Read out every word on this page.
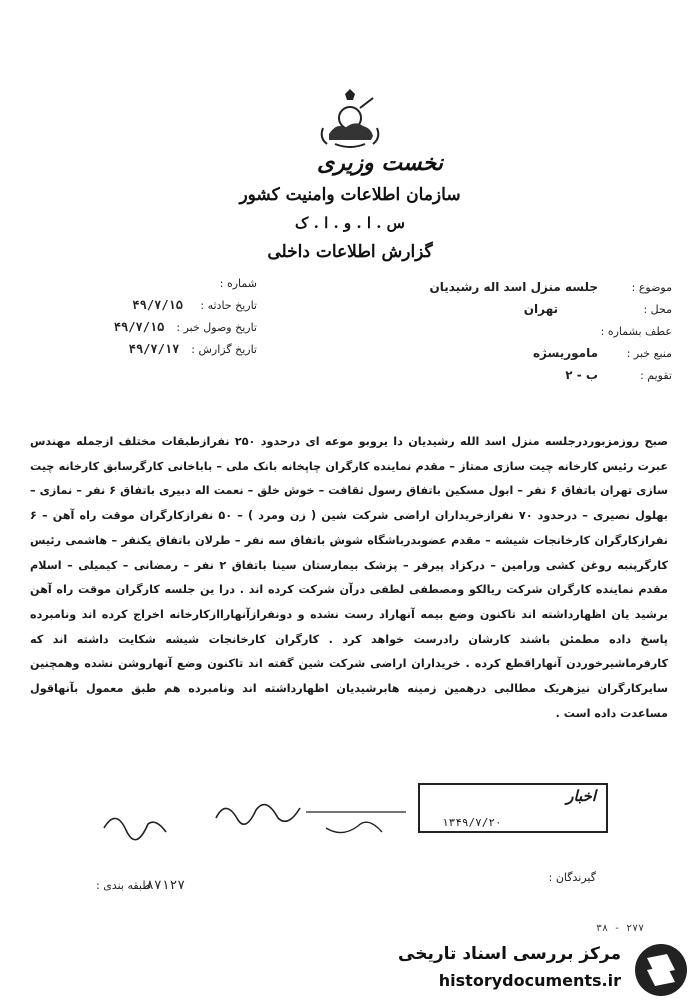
نخست وزیری
سازمان اطلاعات وامنیت کشور
س . ا . و . ا . ک
گزارش اطلاعات داخلی
موضوع :
جلسه منزل اسد اله رشیدیان
محل :
تهران
عطف بشماره :
منبع خبر :
ماموریسژه
تقویم :
ب - ۲
شماره :
تاریخ حادثه :
۴۹/۷/۱۵
تاریخ وصول خبر :
۴۹/۷/۱۵
تاریخ گزارش :
۴۹/۷/۱۷
صبح روزمزبوردرجلسه منزل اسد الله رشیدیان دا یروبو موعه ای درحدود ۲۵۰ نفرازطبقات مختلف ازجمله مهندس عبرت رئیس کارخانه چیت سازی ممتاز – مقدم نماینده کارگران چاپخانه بانک ملی – باباخانی کارگرسابق کارخانه چیت سازی تهران باتفاق ۶ نفر – ابول مسکین باتفاق رسول ثقافت – خوش خلق – نعمت اله دبیری باتفاق ۶ نفر – نمازی – بهلول نصیری – درحدود ۷۰ نفرازخریداران اراضی شرکت شین ( زن ومرد ) – ۵۰ نفرازکارگران موقت راه آهن – ۶ نفرازکارگران کارخانجات شیشه – مقدم عضوبدرباشگاه شوش باتفاق سه نفر – طرلان باتفاق یکنفر – هاشمی رئیس کارگرپنبه روغن کشی ورامین – درکزاد پیرفر – پزشک بیمارستان سینا باتفاق ۲ نفر – رمضانی – کیمیلی – اسلام مقدم نماینده کارگران شرکت ریالکو ومصطفی لطفی درآن شرکت کرده اند . درا ین جلسه کارگران موقت راه آهن برشید یان اظهارداشته اند تاکنون وضع بیمه آنهاراد رست نشده و دونفرازآنهاراازکارخانه اخراج کرده اند ونامبرده پاسخ داده مطمئن باشند کارشان رادرست خواهد کرد . کارگران کارخانجات شیشه شکایت داشته اند که کارفرماشیرخوردن آنهاراقطع کرده . خریداران اراضی شرکت شین گفته اند تاکنون وضع آنهاروشن نشده وهمچنین سایرکارگران نیزهریک مطالبی درهمین زمینه هابرشیدیان اظهارداشته اند ونامبرده هم طبق معمول بآنهاقول مساعدت داده است .
اخبار
۱۳۴۹/۷/۲۰
گیرندگان :
طبقه بندی :
۸۷۱۲۷
۳۸ - ۲۷۷
مرکز بررسی اسناد تاریخی
historydocuments.ir
